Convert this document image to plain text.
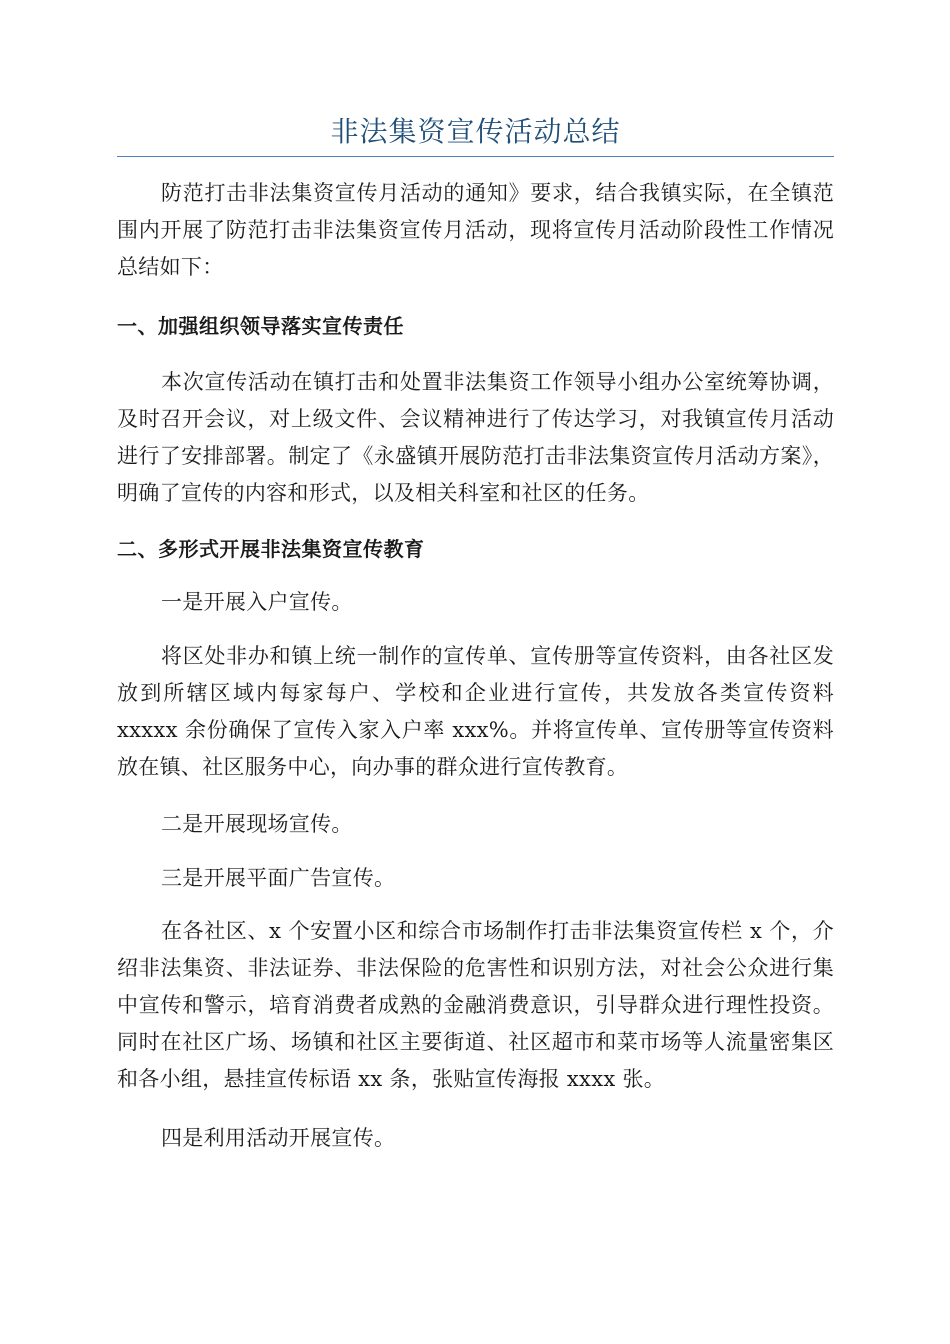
非法集资宣传活动总结

防范打击非法集资宣传月活动的通知》要求，结合我镇实际，在全镇范围内开展了防范打击非法集资宣传月活动，现将宣传月活动阶段性工作情况总结如下：

一、加强组织领导落实宣传责任

本次宣传活动在镇打击和处置非法集资工作领导小组办公室统筹协调，及时召开会议，对上级文件、会议精神进行了传达学习，对我镇宣传月活动进行了安排部署。制定了《永盛镇开展防范打击非法集资宣传月活动方案》，明确了宣传的内容和形式，以及相关科室和社区的任务。

二、多形式开展非法集资宣传教育

一是开展入户宣传。

将区处非办和镇上统一制作的宣传单、宣传册等宣传资料，由各社区发放到所辖区域内每家每户、学校和企业进行宣传，共发放各类宣传资料 xxxxx 余份确保了宣传入家入户率 xxx%。并将宣传单、宣传册等宣传资料放在镇、社区服务中心，向办事的群众进行宣传教育。

二是开展现场宣传。

三是开展平面广告宣传。

在各社区、x 个安置小区和综合市场制作打击非法集资宣传栏 x 个，介绍非法集资、非法证券、非法保险的危害性和识别方法，对社会公众进行集中宣传和警示，培育消费者成熟的金融消费意识，引导群众进行理性投资。同时在社区广场、场镇和社区主要街道、社区超市和菜市场等人流量密集区和各小组，悬挂宣传标语 xx 条，张贴宣传海报 xxxx 张。

四是利用活动开展宣传。
